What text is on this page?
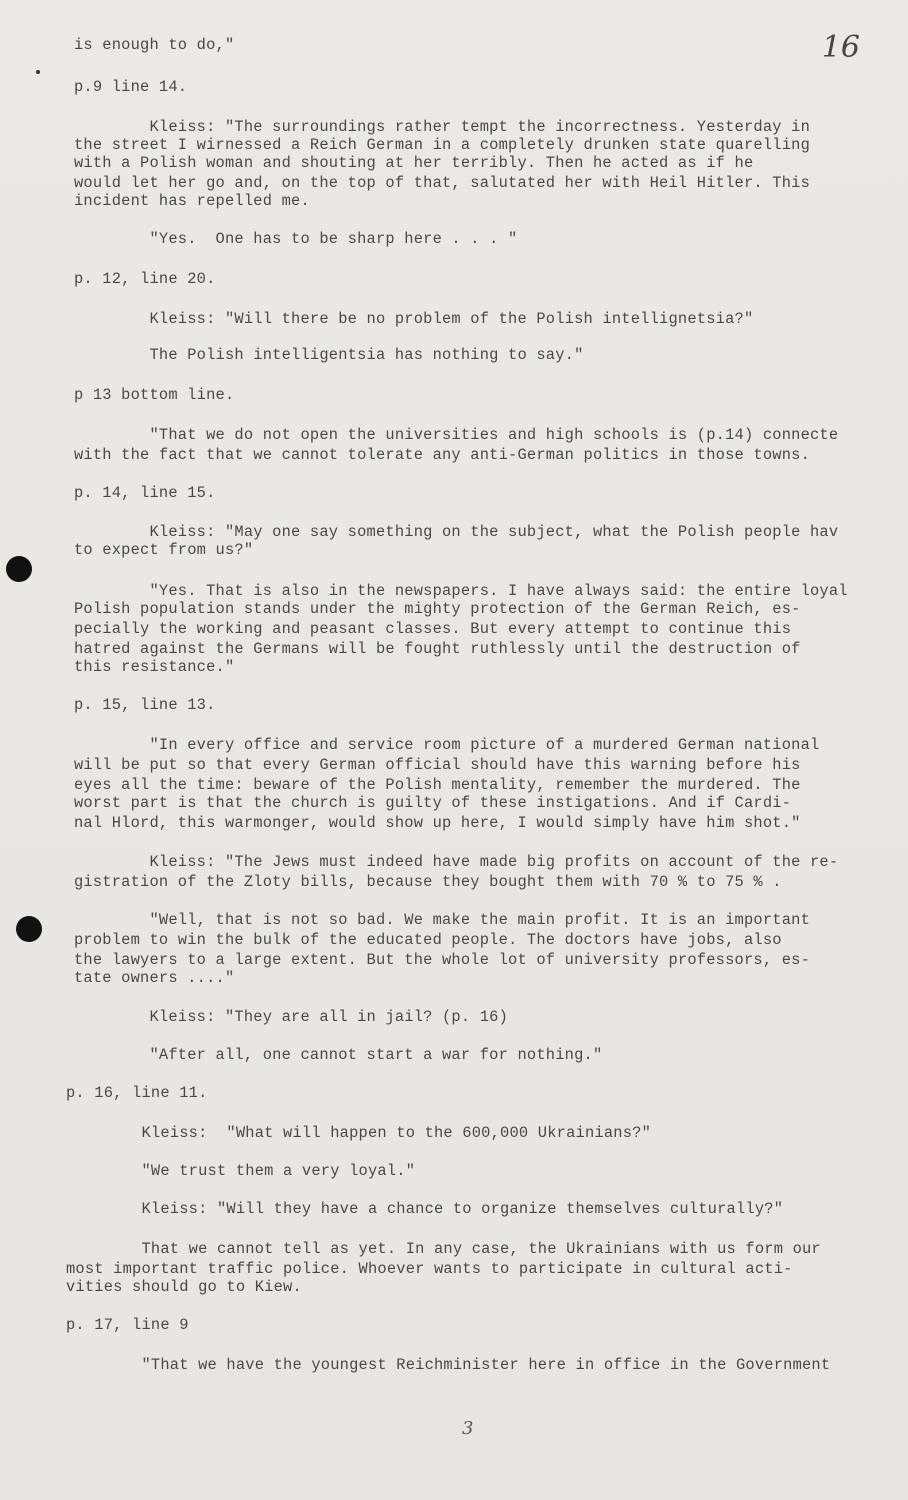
16
is enough to do,"
p.9 line 14.
Kleiss: "The surroundings rather tempt the incorrectness. Yesterday in
the street I wirnessed a Reich German in a completely drunken state quarelling
with a Polish woman and shouting at her terribly. Then he acted as if he
would let her go and, on the top of that, salutated her with Heil Hitler. This
incident has repelled me.
"Yes.  One has to be sharp here . . . "
p. 12, line 20.
Kleiss: "Will there be no problem of the Polish intellignetsia?"
The Polish intelligentsia has nothing to say."
p 13 bottom line.
"That we do not open the universities and high schools is (p.14) connecte
with the fact that we cannot tolerate any anti-German politics in those towns.
p. 14, line 15.
Kleiss: "May one say something on the subject, what the Polish people hav
to expect from us?"
"Yes. That is also in the newspapers. I have always said: the entire loyal
Polish population stands under the mighty protection of the German Reich, es-
pecially the working and peasant classes. But every attempt to continue this
hatred against the Germans will be fought ruthlessly until the destruction of
this resistance."
p. 15, line 13.
"In every office and service room picture of a murdered German national
will be put so that every German official should have this warning before his
eyes all the time: beware of the Polish mentality, remember the murdered. The
worst part is that the church is guilty of these instigations. And if Cardi-
nal Hlord, this warmonger, would show up here, I would simply have him shot."
Kleiss: "The Jews must indeed have made big profits on account of the re-
gistration of the Zloty bills, because they bought them with 70 % to 75 % .
"Well, that is not so bad. We make the main profit. It is an important
problem to win the bulk of the educated people. The doctors have jobs, also
the lawyers to a large extent. But the whole lot of university professors, es-
tate owners ...."
Kleiss: "They are all in jail? (p. 16)
"After all, one cannot start a war for nothing."
p. 16, line 11.
Kleiss:  "What will happen to the 600,000 Ukrainians?"
"We trust them a very loyal."
Kleiss: "Will they have a chance to organize themselves culturally?"
That we cannot tell as yet. In any case, the Ukrainians with us form our
most important traffic police. Whoever wants to participate in cultural acti-
vities should go to Kiew.
p. 17, line 9
"That we have the youngest Reichminister here in office in the Government
3
